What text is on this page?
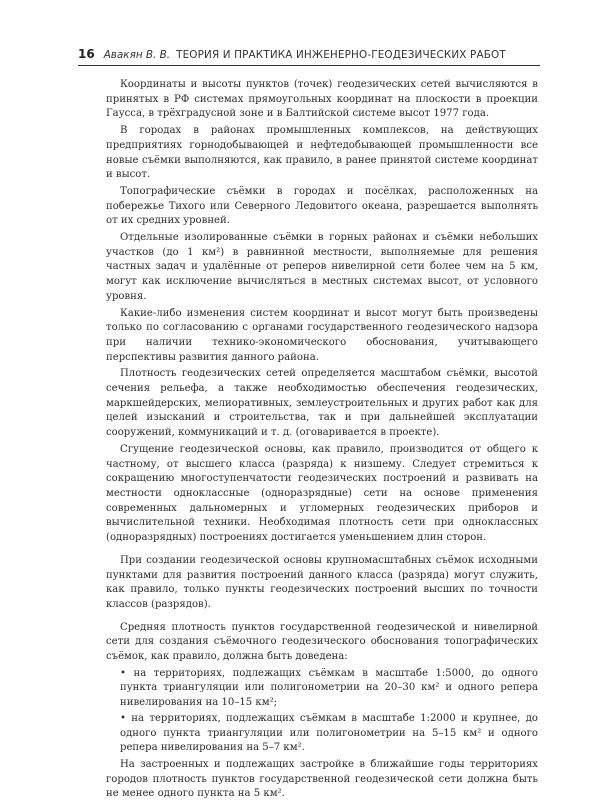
16 Авакян В. В. ТЕОРИЯ И ПРАКТИКА ИНЖЕНЕРНО-ГЕОДЕЗИЧЕСКИХ РАБОТ

Координаты и высоты пунктов (точек) геодезических сетей вычисляются в принятых в РФ системах прямоугольных координат на плоскости в проекции Гаусса, в трёхградусной зоне и в Балтийской системе высот 1977 года.

В городах в районах промышленных комплексов, на действующих предприятиях горнодобывающей и нефтедобывающей промышленности все новые съёмки выполняются, как правило, в ранее принятой системе координат и высот.

Топографические съёмки в городах и посёлках, расположенных на побережье Тихого или Северного Ледовитого океана, разрешается выполнять от их средних уровней.

Отдельные изолированные съёмки в горных районах и съёмки небольших участков (до 1 км²) в равнинной местности, выполняемые для решения частных задач и удалённые от реперов нивелирной сети более чем на 5 км, могут как исключение вычисляться в местных системах высот, от условного уровня.

Какие-либо изменения систем координат и высот могут быть произведены только по согласованию с органами государственного геодезического надзора при наличии технико-экономического обоснования, учитывающего перспективы развития данного района.

Плотность геодезических сетей определяется масштабом съёмки, высотой сечения рельефа, а также необходимостью обеспечения геодезических, маркшейдерских, мелиоративных, землеустроительных и других работ как для целей изысканий и строительства, так и при дальнейшей эксплуатации сооружений, коммуникаций и т. д. (оговаривается в проекте).

Сгущение геодезической основы, как правило, производится от общего к частному, от высшего класса (разряда) к низшему. Следует стремиться к сокращению многоступенчатости геодезических построений и развивать на местности одноклассные (одноразрядные) сети на основе применения современных дальномерных и угломерных геодезических приборов и вычислительной техники. Необходимая плотность сети при одноклассных (одноразрядных) построениях достигается уменьшением длин сторон.

При создании геодезической основы крупномасштабных съёмок исходными пунктами для развития построений данного класса (разряда) могут служить, как правило, только пункты геодезических построений высших по точности классов (разрядов).

Средняя плотность пунктов государственной геодезической и нивелирной сети для создания съёмочного геодезического обоснования топографических съёмок, как правило, должна быть доведена:

• на территориях, подлежащих съёмкам в масштабе 1:5000, до одного пункта триангуляции или полигонометрии на 20–30 км² и одного репера нивелирования на 10–15 км²;

• на территориях, подлежащих съёмкам в масштабе 1:2000 и крупнее, до одного пункта триангуляции или полигонометрии на 5–15 км² и одного репера нивелирования на 5–7 км².

На застроенных и подлежащих застройке в ближайшие годы территориях городов плотность пунктов государственной геодезической сети должна быть не менее одного пункта на 5 км².
